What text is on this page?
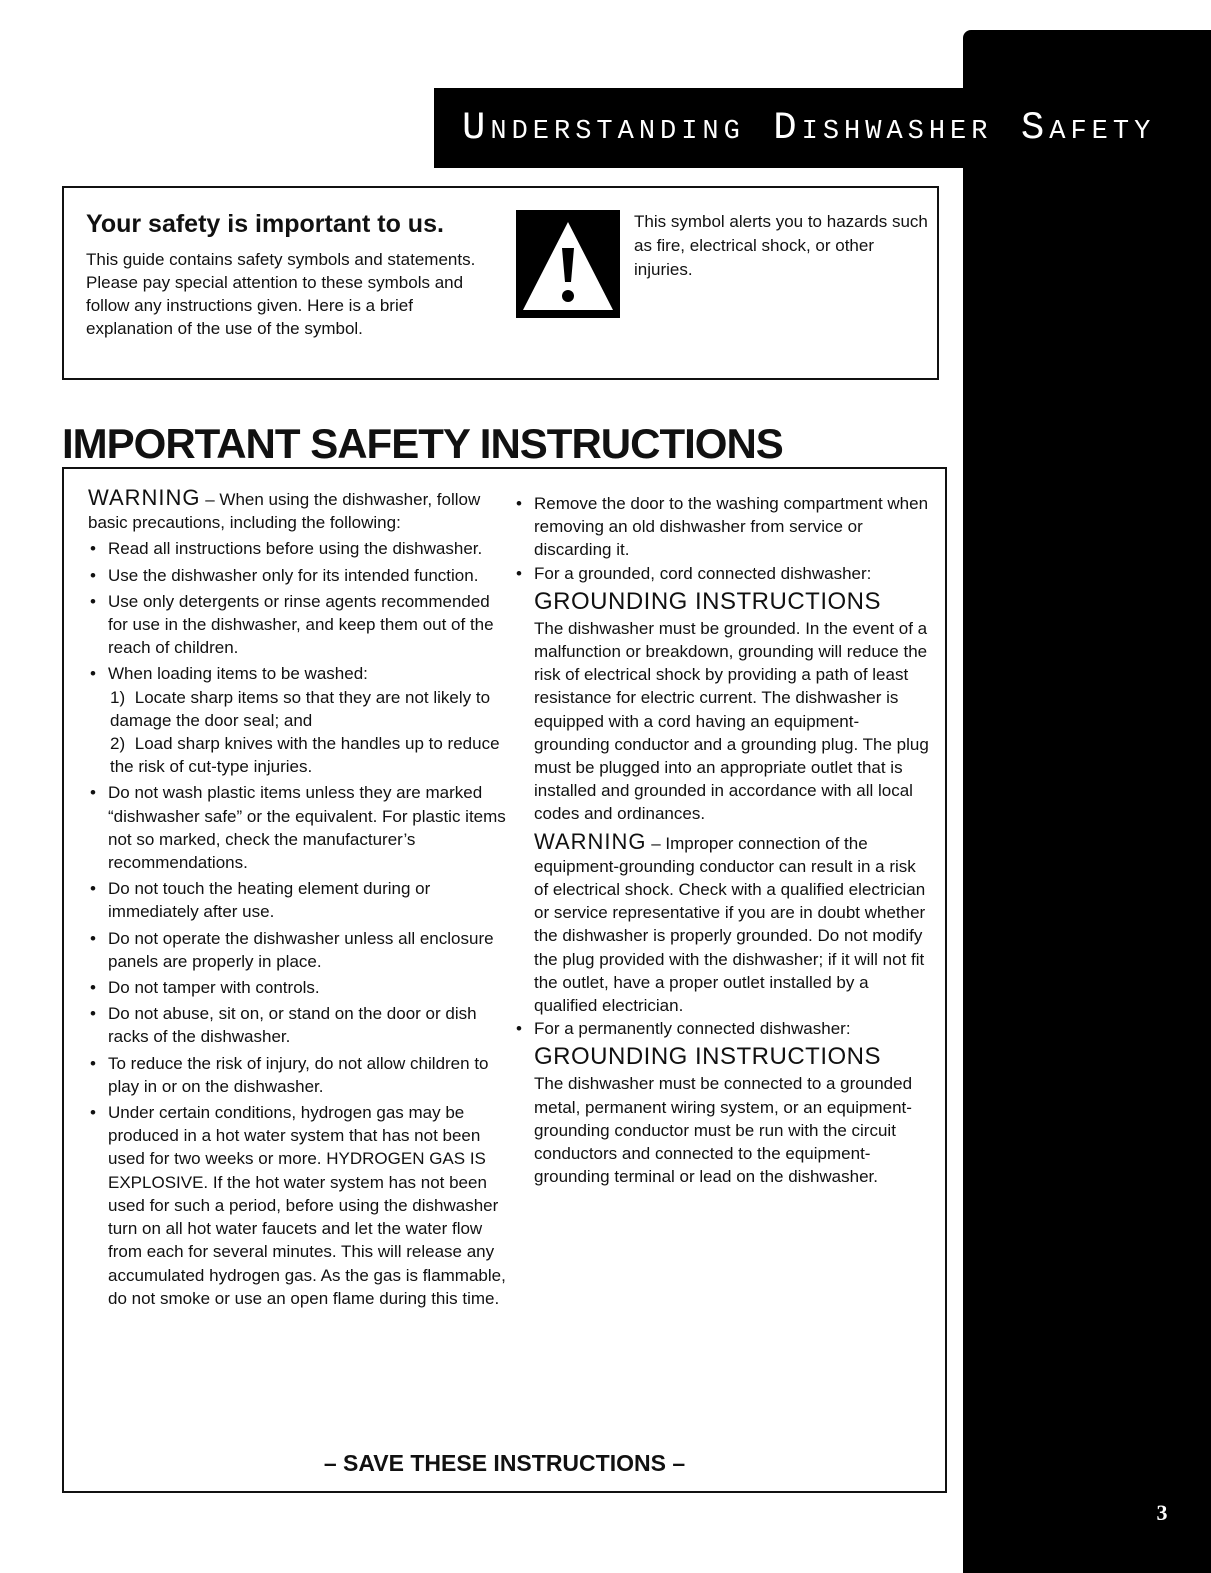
3
Understanding Dishwasher Safety
Your safety is important to us.
This guide contains safety symbols and statements. Please pay special attention to these symbols and follow any instructions given. Here is a brief explanation of the use of the symbol.
This symbol alerts you to hazards such as fire, electrical shock, or other injuries.
IMPORTANT SAFETY INSTRUCTIONS

WARNING – When using the dishwasher, follow basic precautions, including the following:

• Read all instructions before using the dishwasher.
• Use the dishwasher only for its intended function.
• Use only detergents or rinse agents recommended for use in the dishwasher, and keep them out of the reach of children.
• When loading items to be washed:
1) Locate sharp items so that they are not likely to damage the door seal; and
2) Load sharp knives with the handles up to reduce the risk of cut-type injuries.
• Do not wash plastic items unless they are marked “dishwasher safe” or the equivalent. For plastic items not so marked, check the manufacturer’s recommendations.
• Do not touch the heating element during or immediately after use.
• Do not operate the dishwasher unless all enclosure panels are properly in place.
• Do not tamper with controls.
• Do not abuse, sit on, or stand on the door or dish racks of the dishwasher.
• To reduce the risk of injury, do not allow children to play in or on the dishwasher.
• Under certain conditions, hydrogen gas may be produced in a hot water system that has not been used for two weeks or more. HYDROGEN GAS IS EXPLOSIVE. If the hot water system has not been used for such a period, before using the dishwasher turn on all hot water faucets and let the water flow from each for several minutes. This will release any accumulated hydrogen gas. As the gas is flammable, do not smoke or use an open flame during this time.
• Remove the door to the washing compartment when removing an old dishwasher from service or discarding it.
• For a grounded, cord connected dishwasher:

GROUNDING INSTRUCTIONS

The dishwasher must be grounded. In the event of a malfunction or breakdown, grounding will reduce the risk of electrical shock by providing a path of least resistance for electric current. The dishwasher is equipped with a cord having an equipment-grounding conductor and a grounding plug. The plug must be plugged into an appropriate outlet that is installed and grounded in accordance with all local codes and ordinances.

WARNING – Improper connection of the equipment-grounding conductor can result in a risk of electrical shock. Check with a qualified electrician or service representative if you are in doubt whether the dishwasher is properly grounded. Do not modify the plug provided with the dishwasher; if it will not fit the outlet, have a proper outlet installed by a qualified electrician.

• For a permanently connected dishwasher:

GROUNDING INSTRUCTIONS

The dishwasher must be connected to a grounded metal, permanent wiring system, or an equipment-grounding conductor must be run with the circuit conductors and connected to the equipment-grounding terminal or lead on the dishwasher.

– SAVE THESE INSTRUCTIONS –
